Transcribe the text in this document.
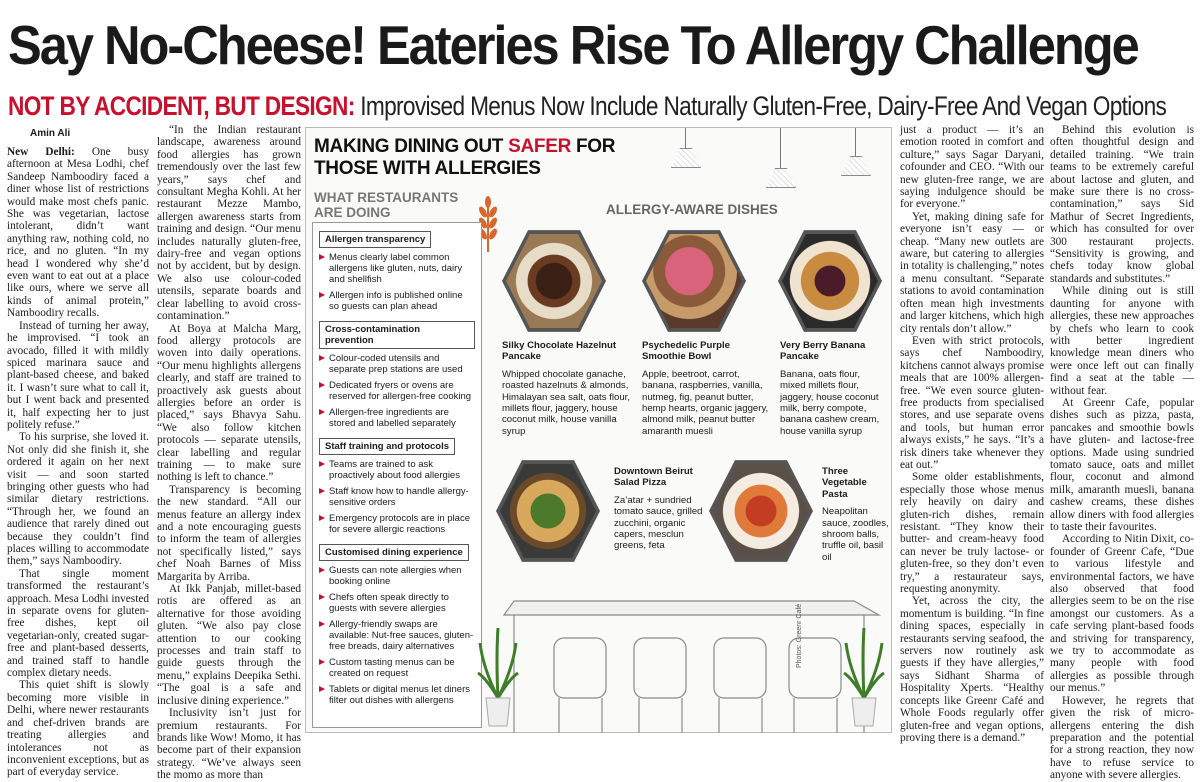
Say No-Cheese! Eateries Rise To Allergy Challenge
NOT BY ACCIDENT, BUT DESIGN: Improvised Menus Now Include Naturally Gluten-Free, Dairy-Free And Vegan Options
Amin Ali

New Delhi: One busy afternoon at Mesa Lodhi, chef Sandeep Namboodiry faced a diner whose list of restrictions would make most chefs panic. She was vegetarian, lactose intolerant, didn’t want anything raw, nothing cold, no rice, and no gluten. “In my head I wondered why she’d even want to eat out at a place like ours, where we serve all kinds of animal protein,” Namboodiry recalls.

Instead of turning her away, he improvised. “I took an avocado, filled it with mildly spiced marinara sauce and plant-based cheese, and baked it. I wasn’t sure what to call it, but I went back and presented it, half expecting her to just politely refuse.”

To his surprise, she loved it. Not only did she finish it, she ordered it again on her next visit — and soon started bringing other guests who had similar dietary restrictions. “Through her, we found an audience that rarely dined out because they couldn’t find places willing to accommodate them,” says Namboodiry.

That single moment transformed the restaurant’s approach. Mesa Lodhi invested in separate ovens for gluten-free dishes, kept oil vegetarian-only, created sugar-free and plant-based desserts, and trained staff to handle complex dietary needs.

This quiet shift is slowly becoming more visible in Delhi, where newer restaurants and chef-driven brands are treating allergies and intolerances not as inconvenient exceptions, but as part of everyday service.

“In the Indian restaurant landscape, awareness around food allergies has grown tremendously over the last few years,” says chef and consultant Megha Kohli. At her restaurant Mezze Mambo, allergen awareness starts from training and design. “Our menu includes naturally gluten-free, dairy-free and vegan options not by accident, but by design. We also use colour-coded utensils, separate boards and clear labelling to avoid cross-contamination.”

At Boya at Malcha Marg, food allergy protocols are woven into daily operations. “Our menu highlights allergens clearly, and staff are trained to proactively ask guests about allergies before an order is placed,” says Bhavya Sahu. “We also follow kitchen protocols — separate utensils, clear labelling and regular training — to make sure nothing is left to chance.”

Transparency is becoming the new standard. “All our menus feature an allergy index and a note encouraging guests to inform the team of allergies not specifically listed,” says chef Noah Barnes of Miss Margarita by Arriba.

At Ikk Panjab, millet-based rotis are offered as an alternative for those avoiding gluten. “We also pay close attention to our cooking processes and train staff to guide guests through the menu,” explains Deepika Sethi. “The goal is a safe and inclusive dining experience.”

Inclusivity isn’t just for premium restaurants. For brands like Wow! Momo, it has become part of their expansion strategy. “We’ve always seen the momo as more than

MAKING DINING OUT SAFER FOR
THOSE WITH ALLERGIES
WHAT RESTAURANTS
ARE DOING
Allergen transparency
Menus clearly label common allergens like gluten, nuts, dairy and shellfish
Allergen info is published online so guests can plan ahead
Cross-contamination prevention
Colour-coded utensils and separate prep stations are used
Dedicated fryers or ovens are reserved for allergen-free cooking
Allergen-free ingredients are stored and labelled separately
Staff training and protocols
Teams are trained to ask proactively about food allergies
Staff know how to handle allergy-sensitive orders
Emergency protocols are in place for severe allergic reactions
Customised dining experience
Guests can note allergies when booking online
Chefs often speak directly to guests with severe allergies
Allergy-friendly swaps are available: Nut-free sauces, gluten-free breads, dairy alternatives
Custom tasting menus can be created on request
Tablets or digital menus let diners filter out dishes with allergens
ALLERGY-AWARE DISHES
Silky Chocolate Hazelnut Pancake
Whipped chocolate ganache, roasted hazelnuts & almonds, Himalayan sea salt, oats flour, millets flour, jaggery, house coconut milk, house vanilla syrup
Psychedelic Purple Smoothie Bowl
Apple, beetroot, carrot, banana, raspberries, vanilla, nutmeg, fig, peanut butter, hemp hearts, organic jaggery, almond milk, peanut butter amaranth muesli
Very Berry Banana Pancake
Banana, oats flour, mixed millets flour, jaggery, house coconut milk, berry compote, banana cashew cream, house vanilla syrup
Downtown Beirut Salad Pizza
Za’atar + sundried tomato sauce, grilled zucchini, organic capers, mesclun greens, feta
Three Vegetable Pasta
Neapolitan sauce, zoodles, shroom balls, truffle oil, basil oil
Photos: Greenr Café

just a product — it’s an emotion rooted in comfort and culture,” says Sagar Daryani, cofounder and CEO. “With our new gluten-free range, we are saying indulgence should be for everyone.”

Yet, making dining safe for everyone isn’t easy — or cheap. “Many new outlets are aware, but catering to allergies in totality is challenging,” notes a menu consultant. “Separate stations to avoid contamination often mean high investments and larger kitchens, which high city rentals don’t allow.”

Even with strict protocols, says chef Namboodiry, kitchens cannot always promise meals that are 100% allergen-free. “We even source gluten-free products from specialised stores, and use separate ovens and tools, but human error always exists,” he says. “It’s a risk diners take whenever they eat out.”

Some older establishments, especially those whose menus rely heavily on dairy and gluten-rich dishes, remain resistant. “They know their butter- and cream-heavy food can never be truly lactose- or gluten-free, so they don’t even try,” a restaurateur says, requesting anonymity.

Yet, across the city, the momentum is building. “In fine dining spaces, especially in restaurants serving seafood, the servers now routinely ask guests if they have allergies,” says Sidhant Sharma of Hospitality Xperts. “Healthy concepts like Greenr Café and Whole Foods regularly offer gluten-free and vegan options, proving there is a demand.”

Behind this evolution is often thoughtful design and detailed training. “We train teams to be extremely careful about lactose and gluten, and make sure there is no cross-contamination,” says Sid Mathur of Secret Ingredients, which has consulted for over 300 restaurant projects. “Sensitivity is growing, and chefs today know global standards and substitutes.”

While dining out is still daunting for anyone with allergies, these new approaches by chefs who learn to cook with better ingredient knowledge mean diners who were once left out can finally find a seat at the table — without fear.

At Greenr Cafe, popular dishes such as pizza, pasta, pancakes and smoothie bowls have gluten- and lactose-free options. Made using sundried tomato sauce, oats and millet flour, coconut and almond milk, amaranth muesli, banana cashew creams, these dishes allow diners with food allergies to taste their favourites.

According to Nitin Dixit, co-founder of Greenr Cafe, “Due to various lifestyle and environmental factors, we have also observed that food allergies seem to be on the rise amongst our customers. As a cafe serving plant-based foods and striving for transparency, we try to accommodate as many people with food allergies as possible through our menus.”

However, he regrets that given the risk of micro-allergens entering the dish preparation and the potential for a strong reaction, they now have to refuse service to anyone with severe allergies.
